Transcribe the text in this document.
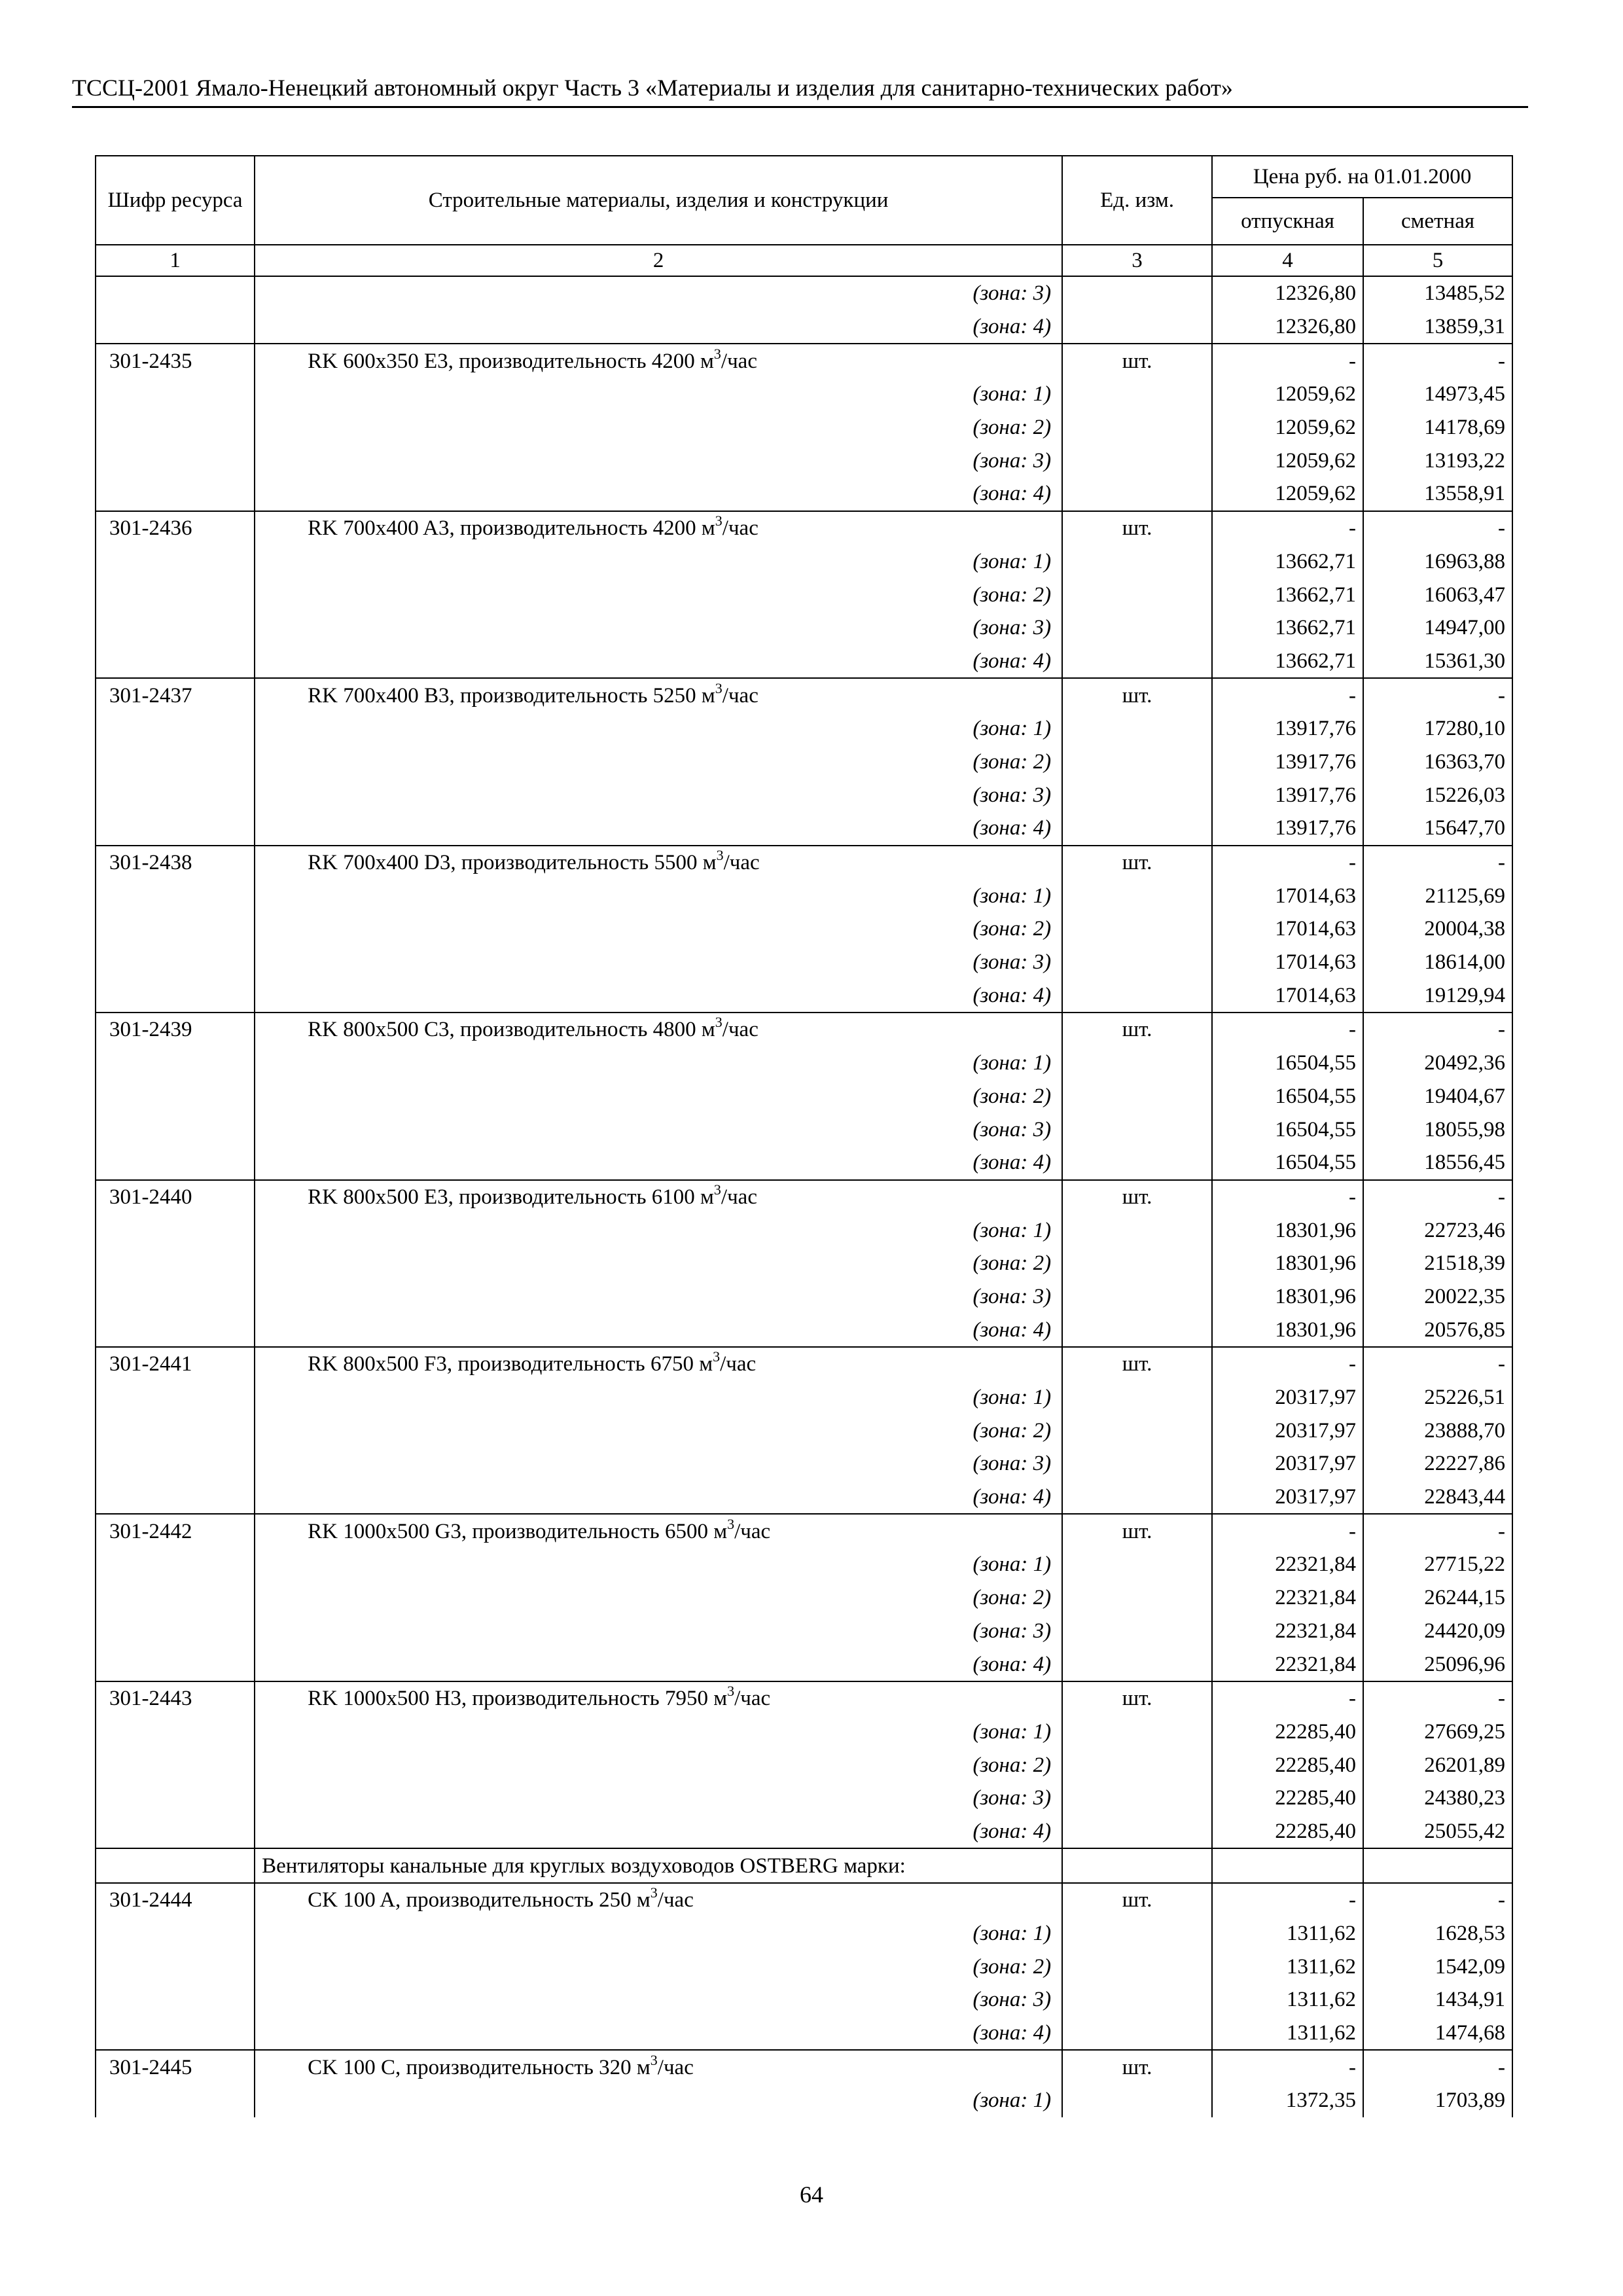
ТССЦ-2001 Ямало-Ненецкий автономный округ Часть 3 «Материалы и изделия для санитарно-технических работ»
Шифр ресурса	Строительные материалы, изделия и конструкции	Ед. изм.	Цена руб. на 01.01.2000	
			отпускная	сметная
1	2	3	4	5
	(зона: 3)		12326,80	13485,52
	(зона: 4)		12326,80	13859,31
301-2435	RK 600x350 E3, производительность 4200 $м^3$/час	шт.	-	-
	(зона: 1)		12059,62	14973,45
	(зона: 2)		12059,62	14178,69
	(зона: 3)		12059,62	13193,22
	(зона: 4)		12059,62	13558,91
301-2436	RK 700x400 A3, производительность 4200 $м^3$/час	шт.	-	-
	(зона: 1)		13662,71	16963,88
	(зона: 2)		13662,71	16063,47
	(зона: 3)		13662,71	14947,00
	(зона: 4)		13662,71	15361,30
301-2437	RK 700x400 B3, производительность 5250 $м^3$/час	шт.	-	-
	(зона: 1)		13917,76	17280,10
	(зона: 2)		13917,76	16363,70
	(зона: 3)		13917,76	15226,03
	(зона: 4)		13917,76	15647,70
301-2438	RK 700x400 D3, производительность 5500 $м^3$/час	шт.	-	-
	(зона: 1)		17014,63	21125,69
	(зона: 2)		17014,63	20004,38
	(зона: 3)		17014,63	18614,00
	(зона: 4)		17014,63	19129,94
301-2439	RK 800x500 C3, производительность 4800 $м^3$/час	шт.	-	-
	(зона: 1)		16504,55	20492,36
	(зона: 2)		16504,55	19404,67
	(зона: 3)		16504,55	18055,98
	(зона: 4)		16504,55	18556,45
301-2440	RK 800x500 E3, производительность 6100 $м^3$/час	шт.	-	-
	(зона: 1)		18301,96	22723,46
	(зона: 2)		18301,96	21518,39
	(зона: 3)		18301,96	20022,35
	(зона: 4)		18301,96	20576,85
301-2441	RK 800x500 F3, производительность 6750 $м^3$/час	шт.	-	-
	(зона: 1)		20317,97	25226,51
	(зона: 2)		20317,97	23888,70
	(зона: 3)		20317,97	22227,86
	(зона: 4)		20317,97	22843,44
301-2442	RK 1000x500 G3, производительность 6500 $м^3$/час	шт.	-	-
	(зона: 1)		22321,84	27715,22
	(зона: 2)		22321,84	26244,15
	(зона: 3)		22321,84	24420,09
	(зона: 4)		22321,84	25096,96
301-2443	RK 1000x500 H3, производительность 7950 $м^3$/час	шт.	-	-
	(зона: 1)		22285,40	27669,25
	(зона: 2)		22285,40	26201,89
	(зона: 3)		22285,40	24380,23
	(зона: 4)		22285,40	25055,42
	Вентиляторы канальные для круглых воздуховодов OSTBERG марки:			
301-2444	CK 100 A, производительность 250 $м^3$/час	шт.	-	-
	(зона: 1)		1311,62	1628,53
	(зона: 2)		1311,62	1542,09
	(зона: 3)		1311,62	1434,91
	(зона: 4)		1311,62	1474,68
301-2445	CK 100 C, производительность 320 $м^3$/час	шт.	-	-
	(зона: 1)		1372,35	1703,89
64
